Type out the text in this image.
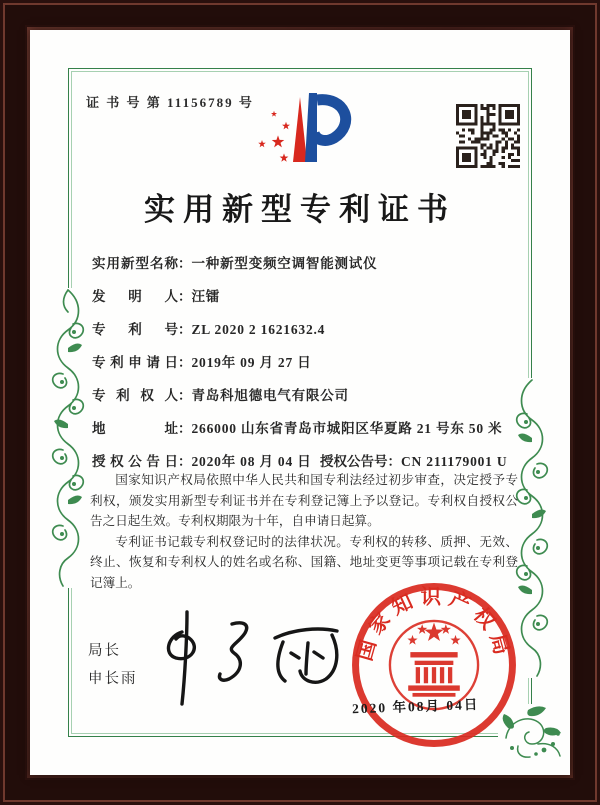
证 书 号 第 11156789 号
实用新型专利证书
实用新型名称：一种新型变频空调智能测试仪
发明人：汪镭
专利号：ZL 2020 2 1621632.4
专利申请日：2019年 09 月 27 日
专利权人：青岛科旭德电气有限公司
地址：266000 山东省青岛市城阳区华夏路 21 号东 50 米
授权公告日：2020年 08 月 04 日 授权公告号：CN 211179001 U

国家知识产权局依照中华人民共和国专利法经过初步审查，决定授予专利权，颁发实用新型专利证书并在专利登记簿上予以登记。专利权自授权公告之日起生效。专利权期限为十年，自申请日起算。

专利证书记载专利权登记时的法律状况。专利权的转移、质押、无效、终止、恢复和专利权人的姓名或名称、国籍、地址变更等事项记载在专利登记簿上。

局长
申长雨
国家知识产权局
2020 年08月 04日
